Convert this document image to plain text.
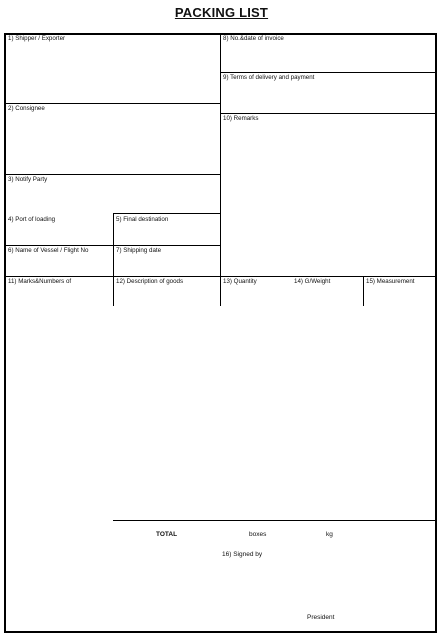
PACKING LIST
1) Shipper / Exporter
2) Consignee
3) Notify Party
4) Port of loading	5) Final destination
6) Name of Vessel / Flight No	7) Shipping date
8) No.&date of invoice
9) Terms of delivery and payment
10) Remarks
11) Marks&Numbers of	12) Description of goods	13) Quantity	14) G/Weight	15) Measurement
TOTAL	boxes	kg
16) Signed by
President
